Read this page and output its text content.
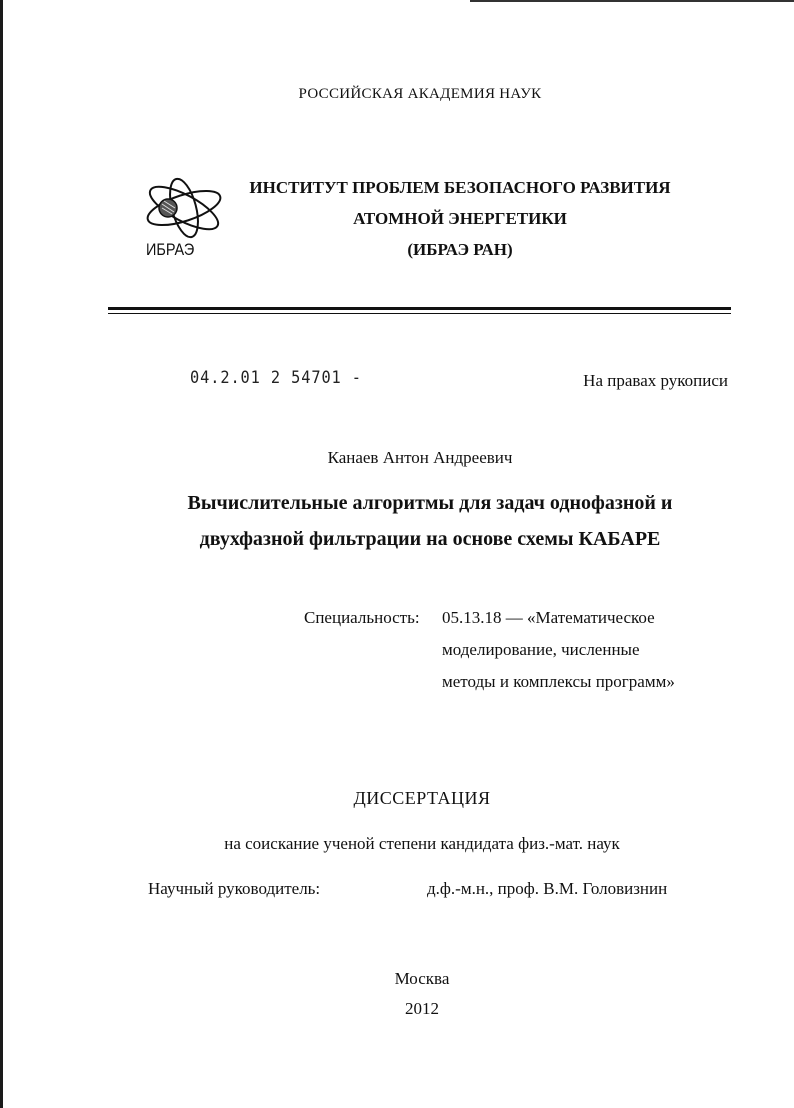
РОССИЙСКАЯ АКАДЕМИЯ НАУК
ИБРАЭ
ИНСТИТУТ ПРОБЛЕМ БЕЗОПАСНОГО РАЗВИТИЯ
АТОМНОЙ ЭНЕРГЕТИКИ
(ИБРАЭ РАН)
04.2.01 2 54701 -	На правах рукописи
Канаев Антон Андреевич
Вычислительные алгоритмы для задач однофазной и
двухфазной фильтрации на основе схемы КАБАРЕ
Специальность: 05.13.18 — «Математическое
моделирование, численные
методы и комплексы программ»
ДИССЕРТАЦИЯ
на соискание ученой степени кандидата физ.-мат. наук
Научный руководитель:	д.ф.-м.н., проф. В.М. Головизнин
Москва
2012
